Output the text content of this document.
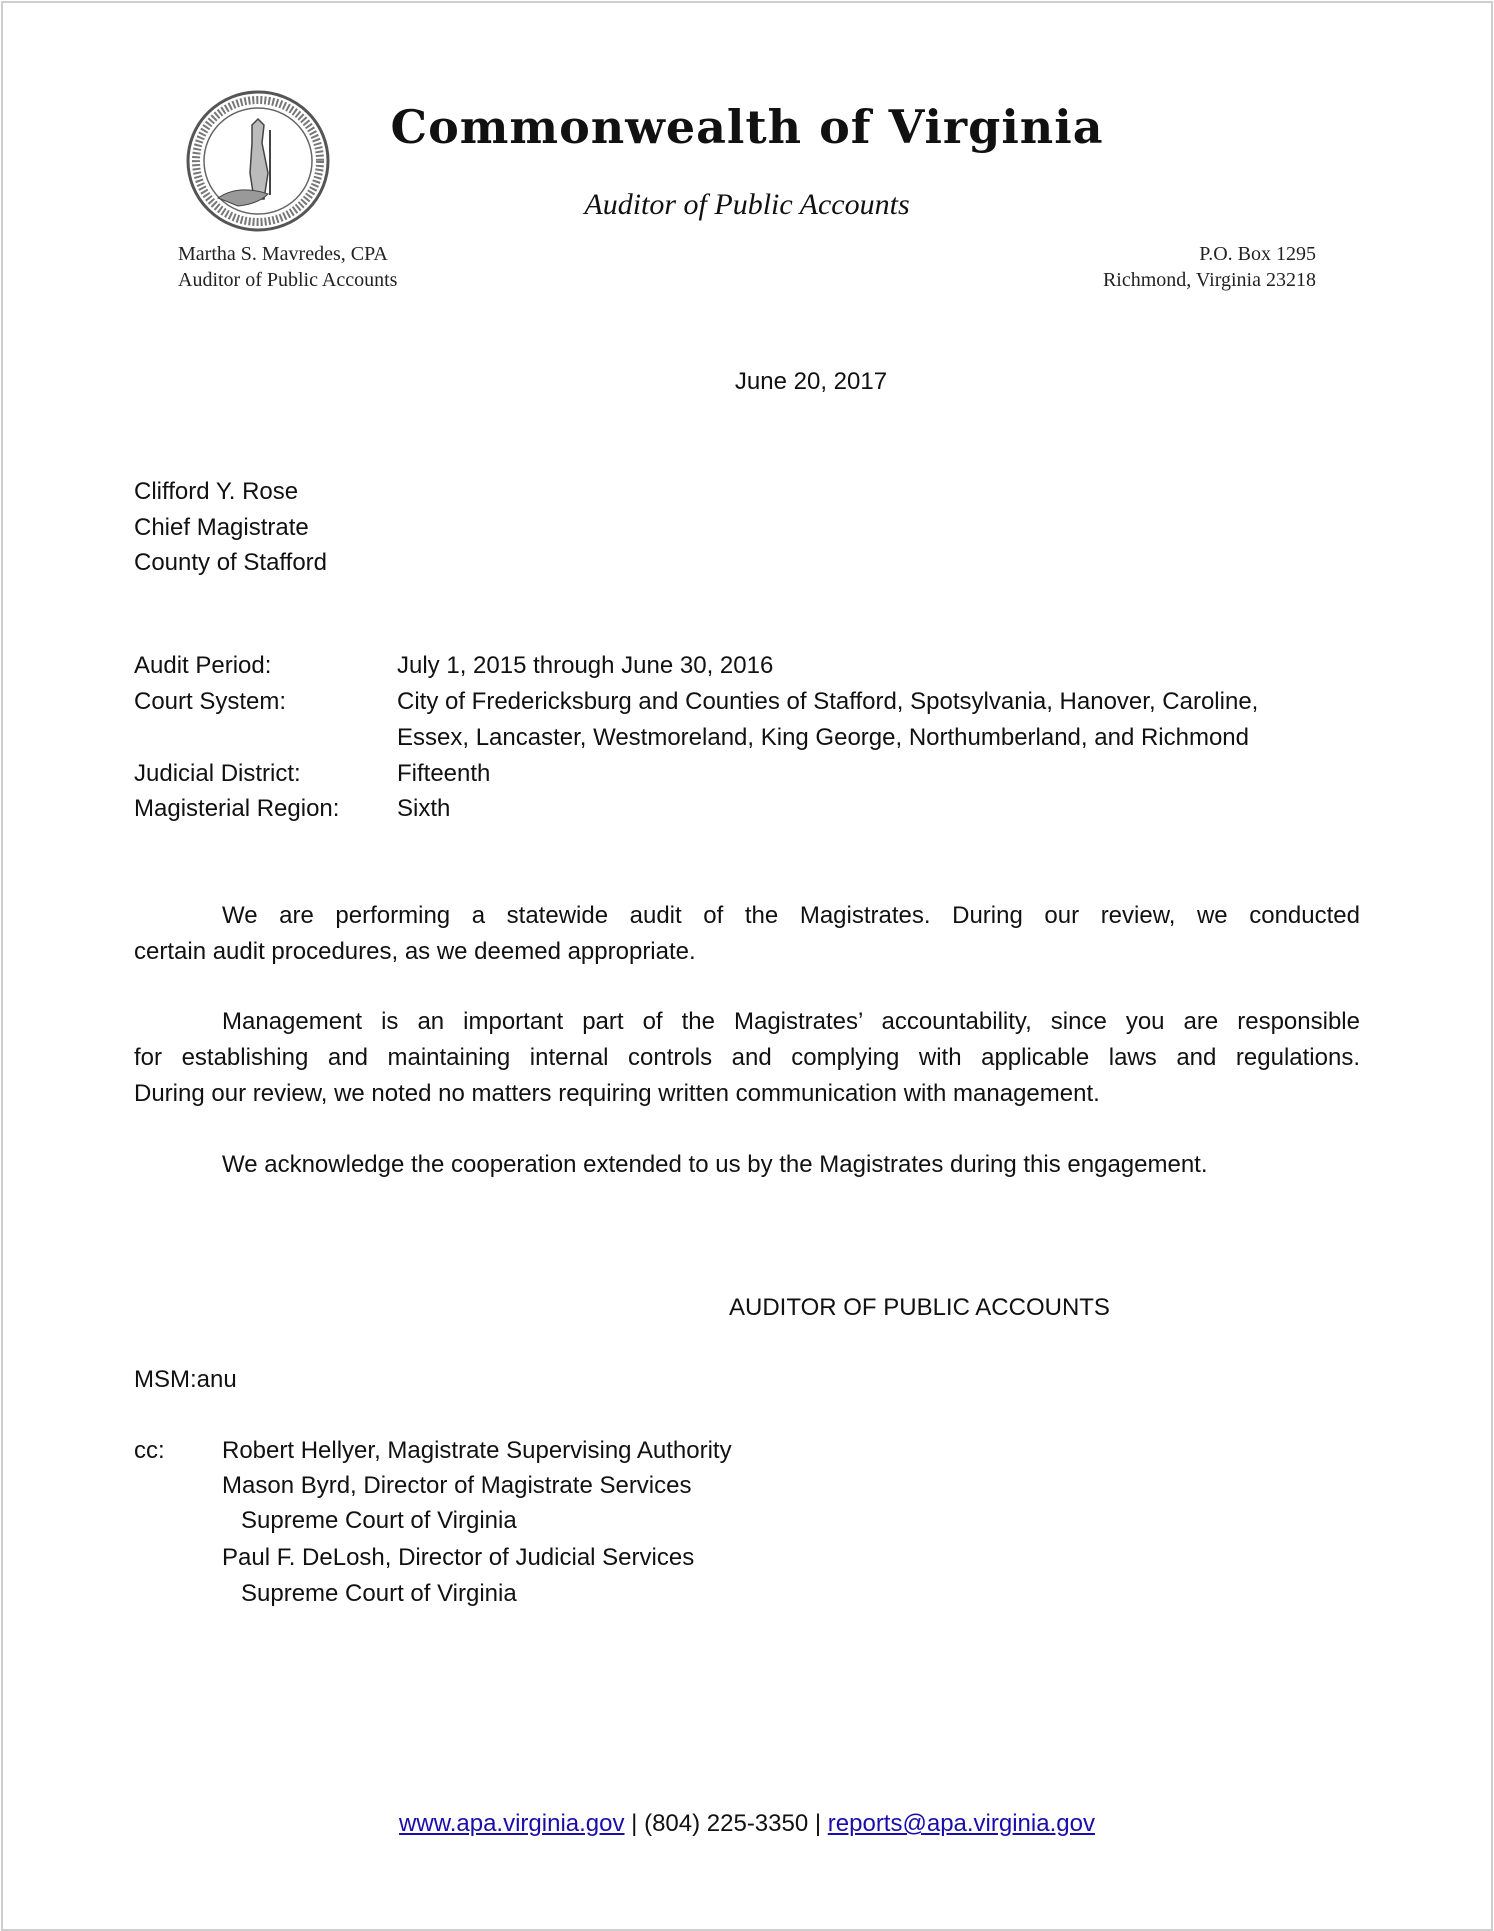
Commonwealth of Virginia
Auditor of Public Accounts
Martha S. Mavredes, CPA
Auditor of Public Accounts
P.O. Box 1295
Richmond, Virginia 23218
June 20, 2017
Clifford Y. Rose
Chief Magistrate
County of Stafford
Audit Period:	July 1, 2015 through June 30, 2016
Court System:	City of Fredericksburg and Counties of Stafford, Spotsylvania, Hanover, Caroline,
Essex, Lancaster, Westmoreland, King George, Northumberland, and Richmond
Judicial District:	Fifteenth
Magisterial Region: Sixth
We are performing a statewide audit of the Magistrates. During our review, we conducted
certain audit procedures, as we deemed appropriate.
Management is an important part of the Magistrates’ accountability, since you are responsible
for establishing and maintaining internal controls and complying with applicable laws and regulations.
During our review, we noted no matters requiring written communication with management.
We acknowledge the cooperation extended to us by the Magistrates during this engagement.
AUDITOR OF PUBLIC ACCOUNTS
MSM:anu
cc: Robert Hellyer, Magistrate Supervising Authority
Mason Byrd, Director of Magistrate Services
Supreme Court of Virginia
Paul F. DeLosh, Director of Judicial Services
Supreme Court of Virginia
www.apa.virginia.gov | (804) 225-3350 | reports@apa.virginia.gov
